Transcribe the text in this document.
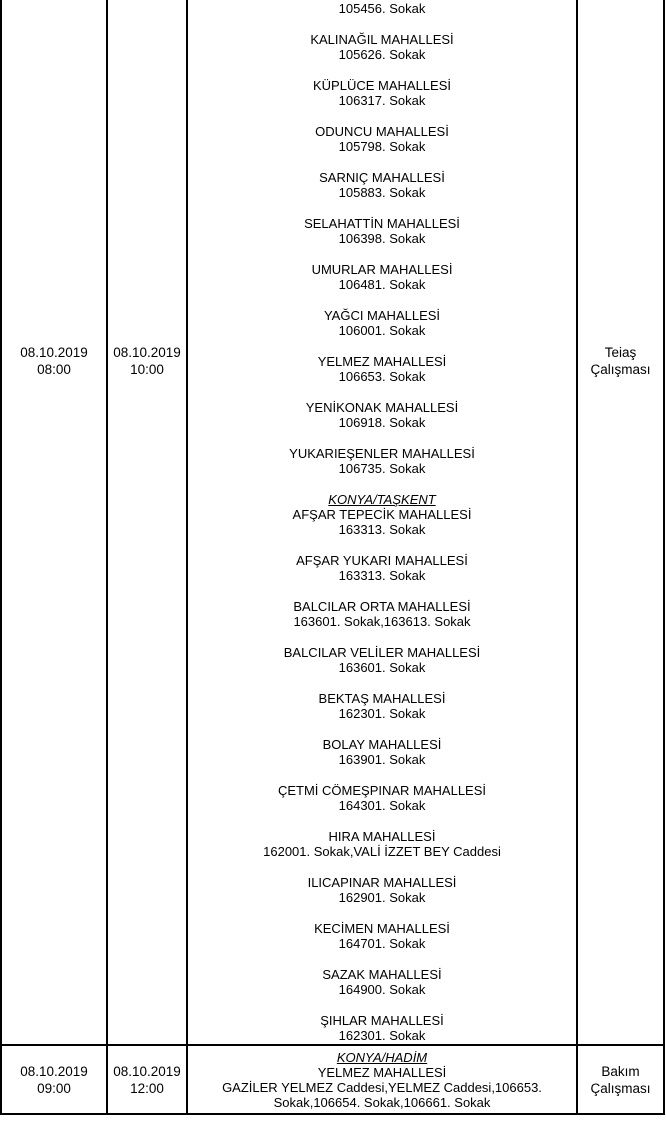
08.10.2019
08:00
08.10.2019
10:00
105456. Sokak
KALINAĞIL MAHALLESİ
105626. Sokak
KÜPLÜCE MAHALLESİ
106317. Sokak
ODUNCU MAHALLESİ
105798. Sokak
SARNIÇ MAHALLESİ
105883. Sokak
SELAHATTİN MAHALLESİ
106398. Sokak
UMURLAR MAHALLESİ
106481. Sokak
YAĞCI MAHALLESİ
106001. Sokak
YELMEZ MAHALLESİ
106653. Sokak
YENİKONAK MAHALLESİ
106918. Sokak
YUKARIEŞENLER MAHALLESİ
106735. Sokak
KONYA/TAŞKENT
AFŞAR TEPECİK MAHALLESİ
163313. Sokak
AFŞAR YUKARI MAHALLESİ
163313. Sokak
BALCILAR ORTA MAHALLESİ
163601. Sokak,163613. Sokak
BALCILAR VELİLER MAHALLESİ
163601. Sokak
BEKTAŞ MAHALLESİ
162301. Sokak
BOLAY MAHALLESİ
163901. Sokak
ÇETMİ CÖMEŞPINAR MAHALLESİ
164301. Sokak
HIRA MAHALLESİ
162001. Sokak,VALİ İZZET BEY Caddesi
ILICAPINAR MAHALLESİ
162901. Sokak
KECİMEN MAHALLESİ
164701. Sokak
SAZAK MAHALLESİ
164900. Sokak
ŞIHLAR MAHALLESİ
162301. Sokak
Teiaş Çalışması
08.10.2019
09:00
08.10.2019
12:00
KONYA/HADİM
YELMEZ MAHALLESİ
GAZİLER YELMEZ Caddesi,YELMEZ Caddesi,106653. Sokak,106654. Sokak,106661. Sokak
Bakım Çalışması
